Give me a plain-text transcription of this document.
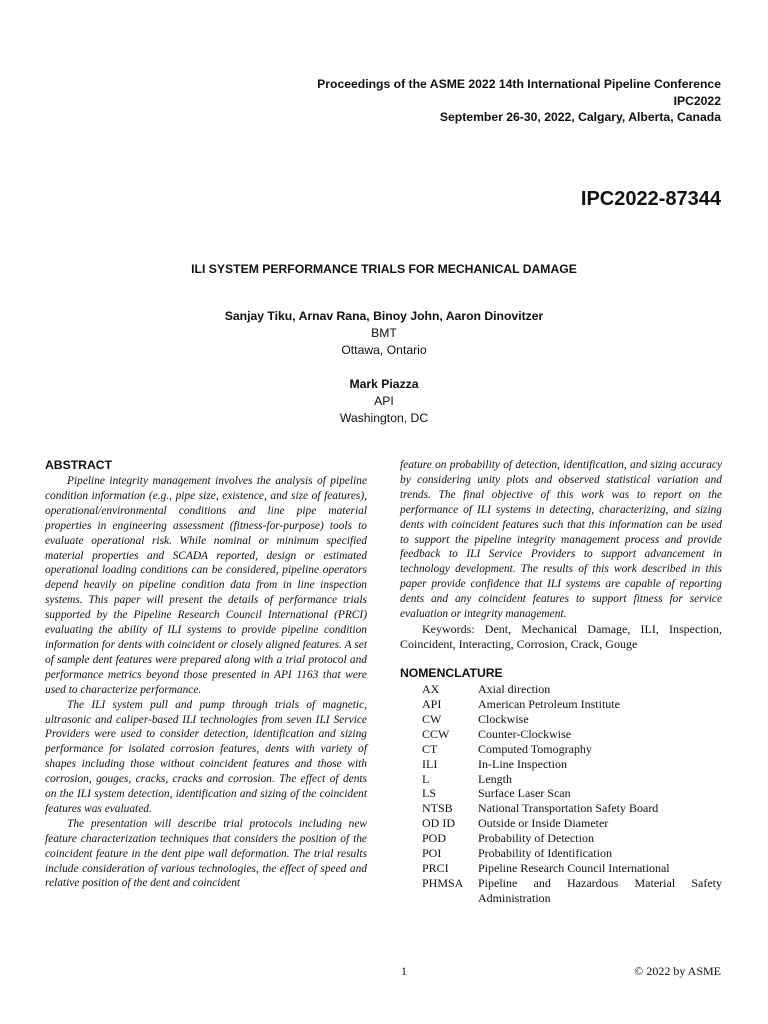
Proceedings of the ASME 2022 14th International Pipeline Conference
IPC2022
September 26-30, 2022, Calgary, Alberta, Canada
IPC2022-87344
ILI SYSTEM PERFORMANCE TRIALS FOR MECHANICAL DAMAGE
Sanjay Tiku, Arnav Rana, Binoy John, Aaron Dinovitzer
BMT
Ottawa, Ontario
Mark Piazza
API
Washington, DC
ABSTRACT

Pipeline integrity management involves the analysis of pipeline condition information (e.g., pipe size, existence, and size of features), operational/environmental conditions and line pipe material properties in engineering assessment (fitness-for-purpose) tools to evaluate operational risk. While nominal or minimum specified material properties and SCADA reported, design or estimated operational loading conditions can be considered, pipeline operators depend heavily on pipeline condition data from in line inspection systems. This paper will present the details of performance trials supported by the Pipeline Research Council International (PRCI) evaluating the ability of ILI systems to provide pipeline condition information for dents with coincident or closely aligned features. A set of sample dent features were prepared along with a trial protocol and performance metrics beyond those presented in API 1163 that were used to characterize performance.

The ILI system pull and pump through trials of magnetic, ultrasonic and caliper-based ILI technologies from seven ILI Service Providers were used to consider detection, identification and sizing performance for isolated corrosion features, dents with variety of shapes including those without coincident features and those with corrosion, gouges, cracks, cracks and corrosion. The effect of dents on the ILI system detection, identification and sizing of the coincident features was evaluated.

The presentation will describe trial protocols including new feature characterization techniques that considers the position of the coincident feature in the dent pipe wall deformation. The trial results include consideration of various technologies, the effect of speed and relative position of the dent and coincident

feature on probability of detection, identification, and sizing accuracy by considering unity plots and observed statistical variation and trends. The final objective of this work was to report on the performance of ILI systems in detecting, characterizing, and sizing dents with coincident features such that this information can be used to support the pipeline integrity management process and provide feedback to ILI Service Providers to support advancement in technology development. The results of this work described in this paper provide confidence that ILI systems are capable of reporting dents and any coincident features to support fitness for service evaluation or integrity management.

Keywords: Dent, Mechanical Damage, ILI, Inspection, Coincident, Interacting, Corrosion, Crack, Gouge

NOMENCLATURE
AX	Axial direction
API	American Petroleum Institute
CW	Clockwise
CCW	Counter-Clockwise
CT	Computed Tomography
ILI	In-Line Inspection
L	Length
LS	Surface Laser Scan
NTSB	National Transportation Safety Board
OD ID	Outside or Inside Diameter
POD	Probability of Detection
POI	Probability of Identification
PRCI	Pipeline Research Council International
PHMSA	Pipeline and Hazardous Material Safety Administration
1	© 2022 by ASME
